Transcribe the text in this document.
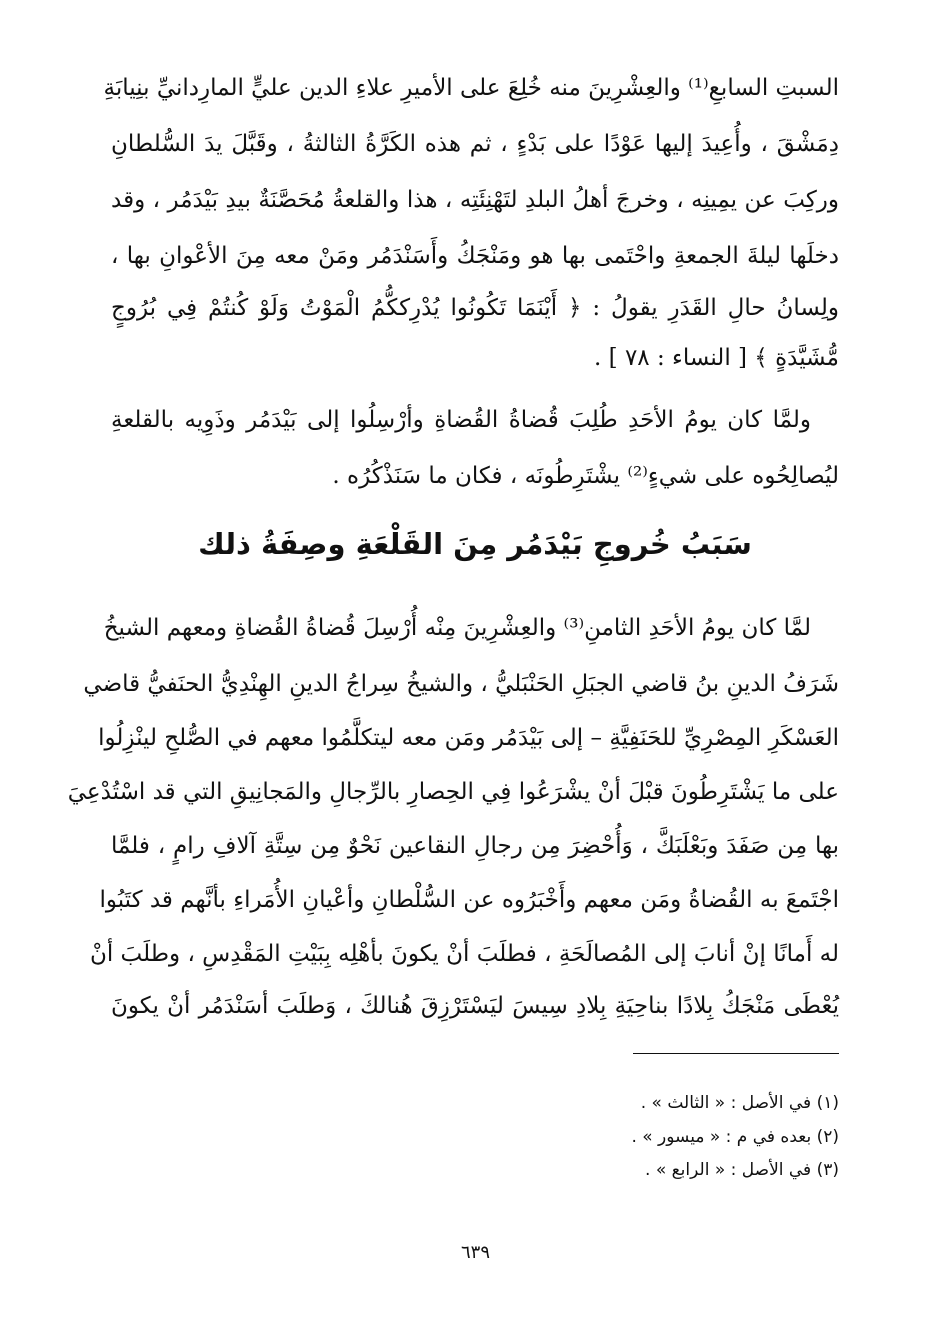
السبتِ السابعِ⁽¹⁾ والعِشْرِينَ منه خُلِعَ على الأميرِ علاءِ الدين عليٍّ المارِدانيِّ بنِيابَةِ
دِمَشْقَ ، وأُعِيدَ إليها عَوْدًا على بَدْءٍ ، ثم هذه الكَرَّةُ الثالثةُ ، وقَبَّلَ يدَ السُّلطانِ
وركِبَ عن يمِينِه ، وخرجَ أهلُ البلدِ لتَهْنِئَتِه ، هذا والقلعةُ مُحَصَّنَةٌ بيدِ بَيْدَمُر ، وقد
دخلَها ليلةَ الجمعةِ واحْتَمى بها هو ومَنْجَكُ وأَسَنْدَمُر ومَنْ معه مِنَ الأعْوانِ بها ،
ولِسانُ حالِ القَدَرِ يقولُ : ﴿ أَيْنَمَا تَكُونُوا يُدْرِككُّمُ الْمَوْتُ وَلَوْ كُنتُمْ فِي بُرُوجٍ
مُّشَيَّدَةٍ ﴾ [ النساء : ٧٨ ] .
ولمَّا كان يومُ الأحَدِ طُلِبَ قُضاةُ القُضاةِ وأرْسِلُوا إلى بَيْدَمُر وذَوِيه بالقلعةِ
ليُصالِحُوه على شيءٍ⁽²⁾ يشْتَرِطُونَه ، فكان ما سَنَذْكُرُه .
سَبَبُ خُروجِ بَيْدَمُر مِنَ القَلْعَةِ وصِفَةُ ذلك
لمَّا كان يومُ الأحَدِ الثامنِ⁽³⁾ والعِشْرِينَ مِنْه أُرْسِلَ قُضاةُ القُضاةِ ومعهم الشيخُ
شَرَفُ الدينِ بنُ قاضي الجبَلِ الحَنْبَليُّ ، والشيخُ سِراجُ الدينِ الهِنْدِيُّ الحنَفيُّ قاضي
العَسْكَرِ المِصْرِيِّ للحَنَفِيَّةِ – إلى بَيْدَمُر ومَن معه ليتكلَّمُوا معهم في الصُّلحِ لينْزِلُوا
على ما يَشْتَرِطُونَ قبْلَ أنْ يشْرَعُوا فِي الحِصارِ بالرِّجالِ والمَجانِيقِ التي قد اسْتُدْعِيَ
بها مِن صَفَدَ وبَعْلَبَكَّ ، وَأُحْضِرَ مِن رجالِ النقاعين نَحْوٌ مِن سِتَّةِ آلافِ رامٍ ، فلمَّا
اجْتَمعَ به القُضاةُ ومَن معهم وأَخْبَرُوه عن السُّلْطانِ وأعْيانِ الأُمَراءِ بأنَّهم قد كتَبُوا
له أَمانًا إنْ أنابَ إلى المُصالَحَةِ ، فطلَبَ أنْ يكونَ بأهْلِه بِبَيْتِ المَقْدِسِ ، وطلَبَ أنْ
يُعْطَى مَنْجَكُ بِلادًا بناحِيَةِ بِلادِ سِيسَ ليَسْتَرْزِقَ هُنالكَ ، وَطلَبَ أسَنْدَمُر أنْ يكونَ
(١) في الأصل : « الثالث » .
(٢) بعده في م : « ميسور » .
(٣) في الأصل : « الرابع » .
٦٣٩
